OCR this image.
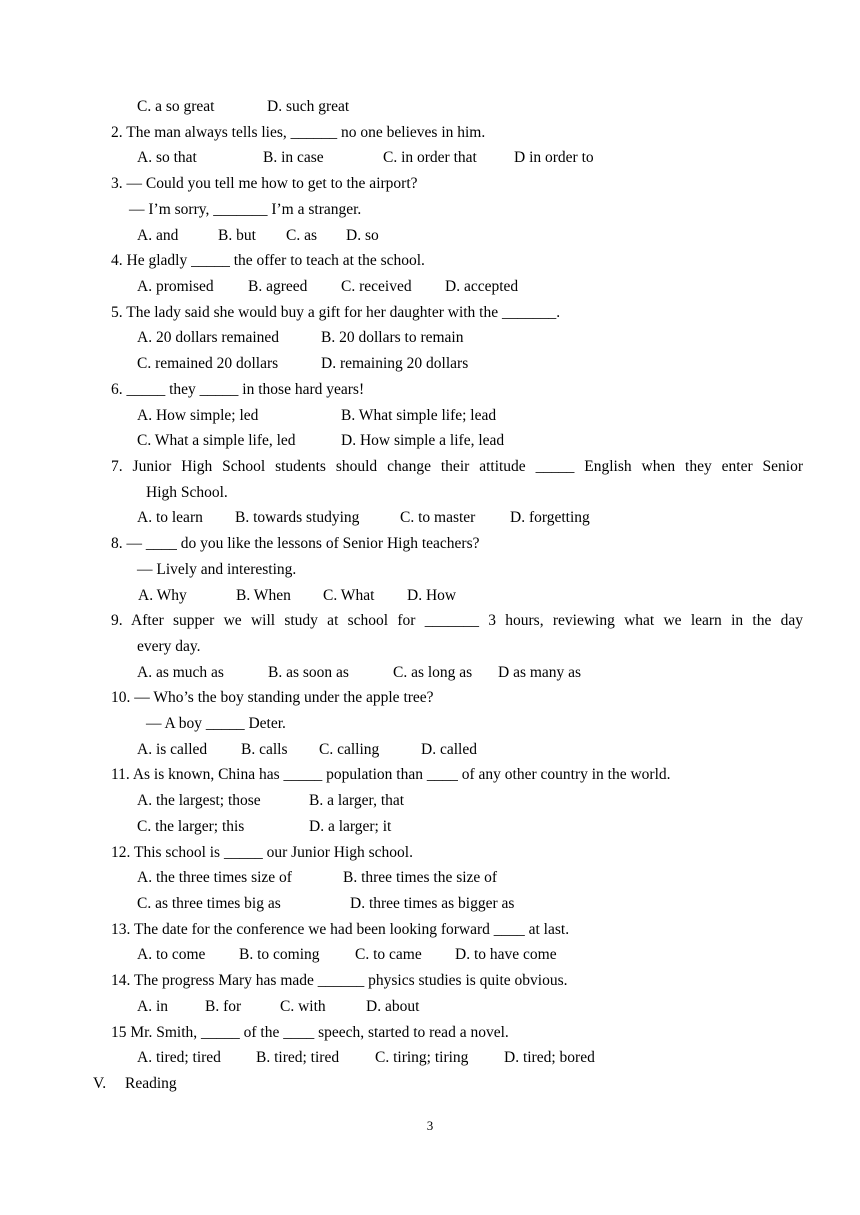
C. a so great	D. such great
2. The man always tells lies, ______ no one believes in him.
A. so that	B. in case	C. in order that D in order to
3. — Could you tell me how to get to the airport?
— I’m sorry, _______ I’m a stranger.
A. and	B. but C. as D. so
4. He gladly _____ the offer to teach at the school.
A. promised B. agreed C. received D. accepted
5. The lady said she would buy a gift for her daughter with the _______.
A. 20 dollars remained	B. 20 dollars to remain
C. remained 20 dollars	D. remaining 20 dollars
6. _____ they _____ in those hard years!
A. How simple; led	B. What simple life; lead
C. What a simple life, led	D. How simple a life, lead
7. Junior High School students should change their attitude _____ English when they enter Senior
High School.
A. to learn B. towards studying	C. to master D. forgetting
8. — ____ do you like the lessons of Senior High teachers?
— Lively and interesting.
A. Why	B. When C. What D. How
9. After supper we will study at school for _______ 3 hours, reviewing what we learn in the day
every day.
A. as much as	B. as soon as	C. as long as D as many as
10. — Who’s the boy standing under the apple tree?
— A boy _____ Deter.
A. is called B. calls C. calling	D. called
11. As is known, China has _____ population than ____ of any other country in the world.
A. the largest; those	B. a larger, that
C. the larger; this	D. a larger; it
12. This school is _____ our Junior High school.
A. the three times size of	B. three times the size of
C. as three times big as	D. three times as bigger as
13. The date for the conference we had been looking forward ____ at last.
A. to come B. to coming C. to came D. to have come
14. The progress Mary has made ______ physics studies is quite obvious.
A. in B. for	C. with	D. about
15 Mr. Smith, _____ of the ____ speech, started to read a novel.
A. tired; tired B. tired; tired C. tiring; tiring D. tired; bored
V. Reading
3
